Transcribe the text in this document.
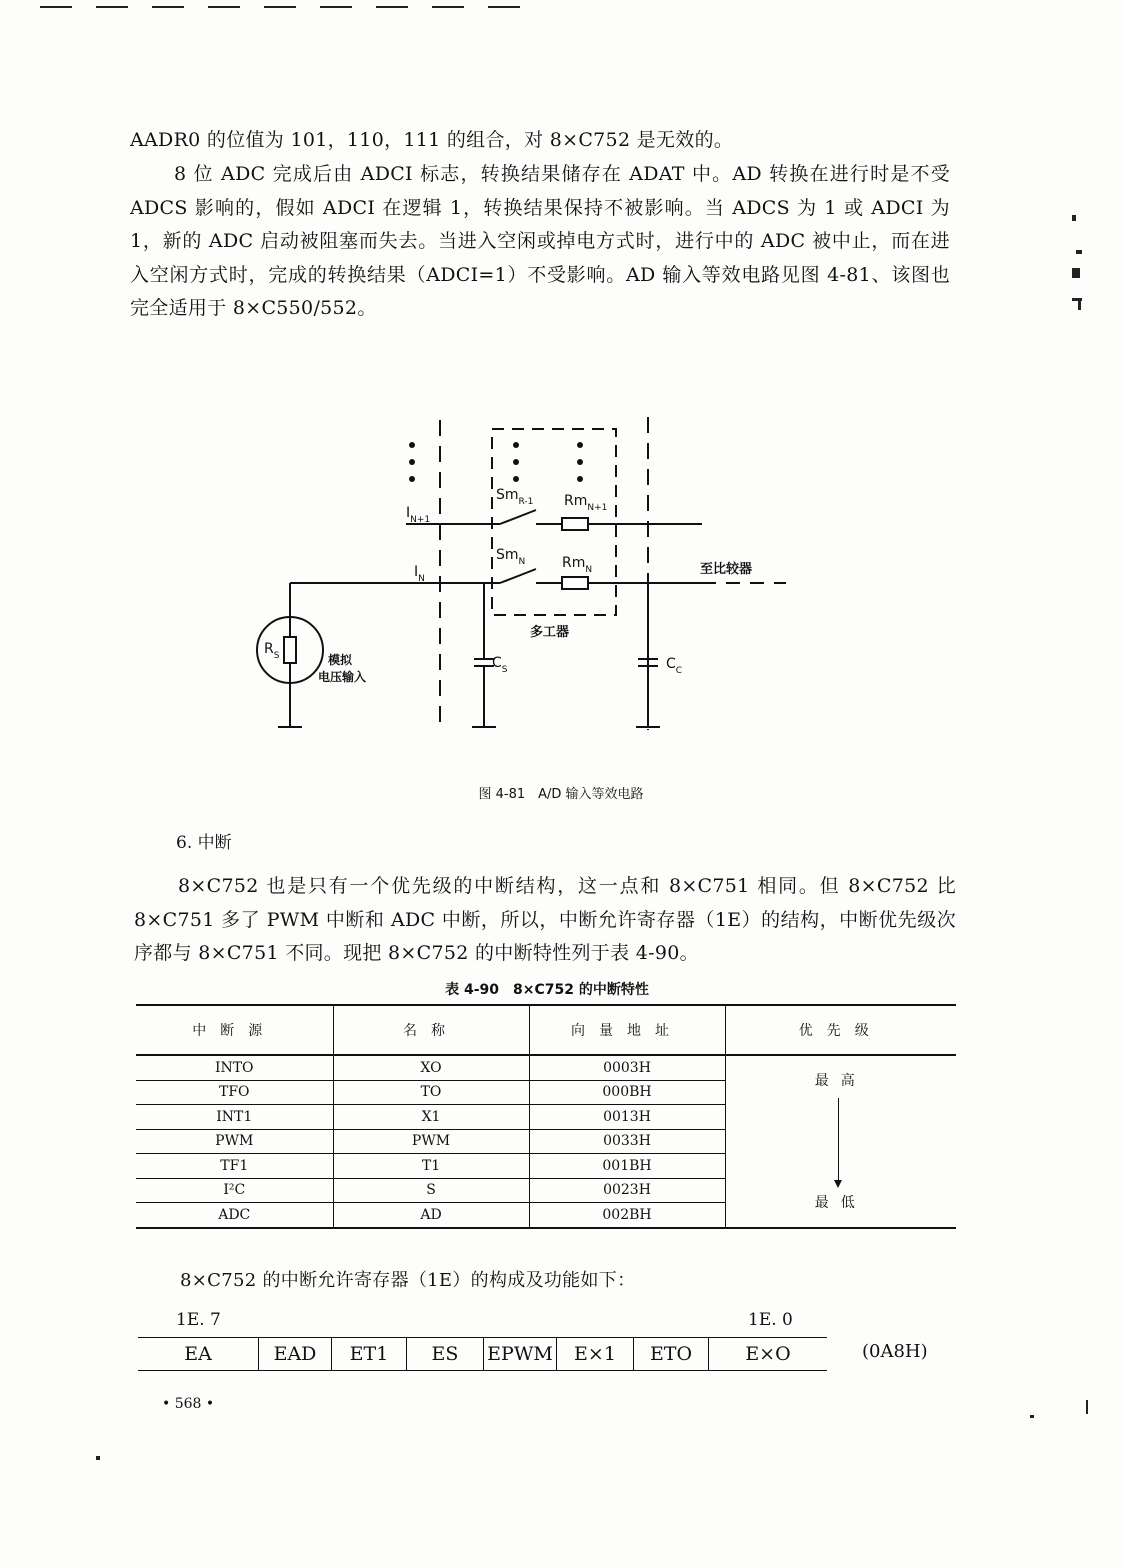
AADR0 的位值为 101，110，111 的组合，对 8×C752 是无效的。

8 位 ADC 完成后由 ADCI 标志，转换结果储存在 ADAT 中。AD 转换在进行时是不受 ADCS 影响的，假如 ADCI 在逻辑 1，转换结果保持不被影响。当 ADCS 为 1 或 ADCI 为 1，新的 ADC 启动被阻塞而失去。当进入空闲或掉电方式时，进行中的 ADC 被中止，而在进入空闲方式时，完成的转换结果（ADCI=1）不受影响。AD 输入等效电路见图 4-81、该图也完全适用于 8×C550/552。

$I_{N+1}$
$I_N$
$Sm_{R-1}$
$Sm_N$
$Rm_{N+1}$
$Rm_N$
$R_S$	$C_S$	$C_C$
至比较器
多工器
模拟
电压输入
图 4-81　A/D 输入等效电路
6. 中断

8×C752 也是只有一个优先级的中断结构，这一点和 8×C751 相同。但 8×C752 比 8×C751 多了 PWM 中断和 ADC 中断，所以，中断允许寄存器（1E）的结构，中断优先级次序都与 8×C751 不同。现把 8×C752 的中断特性列于表 4-90。

表 4-90　8×C752 的中断特性
中断源	名称	向量地址	优先级
INTO	XO	0003H	最高
最低

TFO	TO	000BH	
INT1	X1	0013H	
PWM	PWM	0033H	
TF1	T1	001BH	
I²C	S	0023H	
ADC	AD	002BH	
8×C752 的中断允许寄存器（1E）的构成及功能如下：
1E. 7	1E. 0
EA	EAD	ET1	ES	EPWM	E×1	ETO	E×O	(0A8H)
• 568 •
